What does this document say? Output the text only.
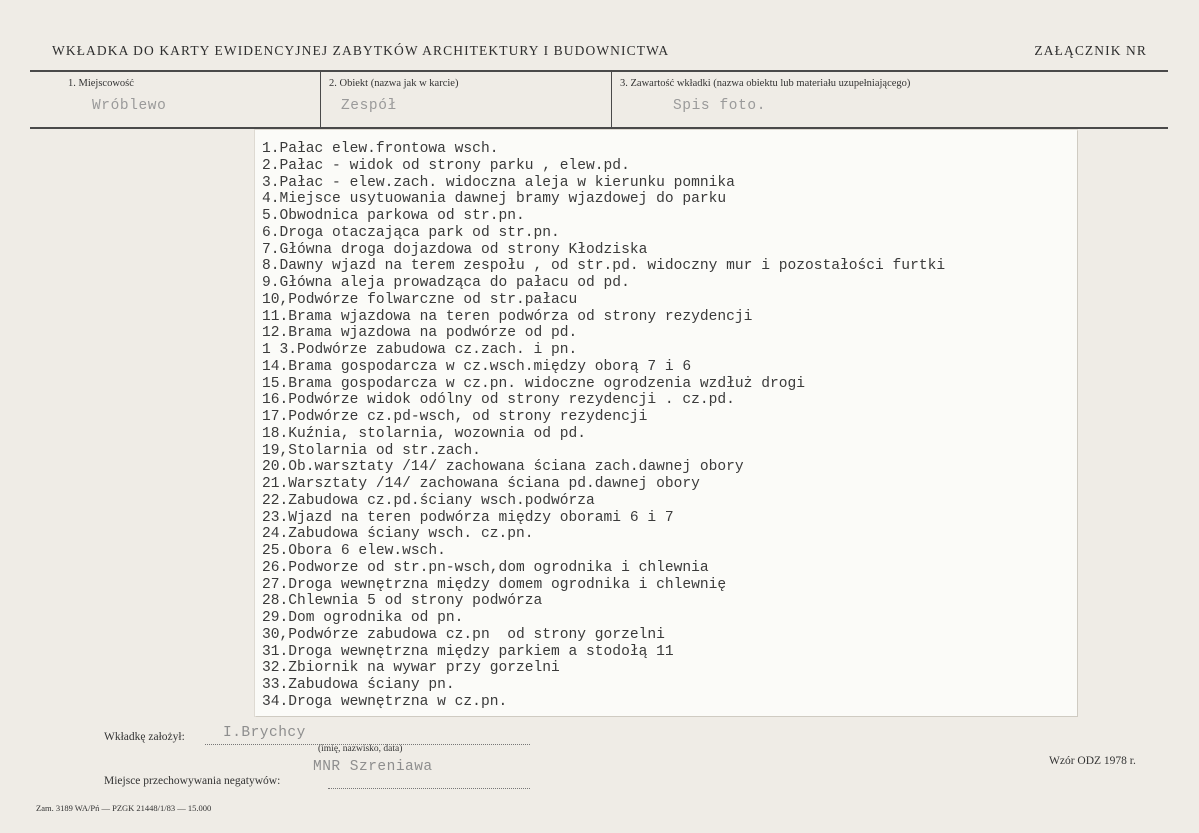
WKŁADKA DO KARTY EWIDENCYJNEJ ZABYTKÓW ARCHITEKTURY I BUDOWNICTWA	ZAŁĄCZNIK NR
1. Miejscowość
Wróblewo
2. Obiekt (nazwa jak w karcie)
Zespół
3. Zawartość wkładki (nazwa obiektu lub materiału uzupełniającego)
Spis foto.
1.Pałac elew.frontowa wsch.
2.Pałac - widok od strony parku , elew.pd.
3.Pałac - elew.zach. widoczna aleja w kierunku pomnika
4.Miejsce usytuowania dawnej bramy wjazdowej do parku
5.Obwodnica parkowa od str.pn.
6.Droga otaczająca park od str.pn.
7.Główna droga dojazdowa od strony Kłodziska
8.Dawny wjazd na terem zespołu , od str.pd. widoczny mur i pozostałości furtki
9.Główna aleja prowadząca do pałacu od pd.
10,Podwórze folwarczne od str.pałacu
11.Brama wjazdowa na teren podwórza od strony rezydencji
12.Brama wjazdowa na podwórze od pd.
1 3.Podwórze zabudowa cz.zach. i pn.
14.Brama gospodarcza w cz.wsch.między oborą 7 i 6
15.Brama gospodarcza w cz.pn. widoczne ogrodzenia wzdłuż drogi
16.Podwórze widok odólny od strony rezydencji . cz.pd.
17.Podwórze cz.pd-wsch, od strony rezydencji
18.Kuźnia, stolarnia, wozownia od pd.
19,Stolarnia od str.zach.
20.Ob.warsztaty /14/ zachowana ściana zach.dawnej obory
21.Warsztaty /14/ zachowana ściana pd.dawnej obory
22.Zabudowa cz.pd.ściany wsch.podwórza
23.Wjazd na teren podwórza między oborami 6 i 7
24.Zabudowa ściany wsch. cz.pn.
25.Obora 6 elew.wsch.
26.Podworze od str.pn-wsch,dom ogrodnika i chlewnia
27.Droga wewnętrzna między domem ogrodnika i chlewnię
28.Chlewnia 5 od strony podwórza
29.Dom ogrodnika od pn.
30,Podwórze zabudowa cz.pn  od strony gorzelni
31.Droga wewnętrzna między parkiem a stodołą 11
32.Zbiornik na wywar przy gorzelni
33.Zabudowa ściany pn.
34.Droga wewnętrzna w cz.pn.
Wkładkę założył:	I.Brychcy
(imię, nazwisko, data)
MNR Szreniawa
Miejsce przechowywania negatywów:
Wzór ODZ 1978 r.
Zam. 3189 WA/Pń — PZGK 21448/1/83 — 15.000
